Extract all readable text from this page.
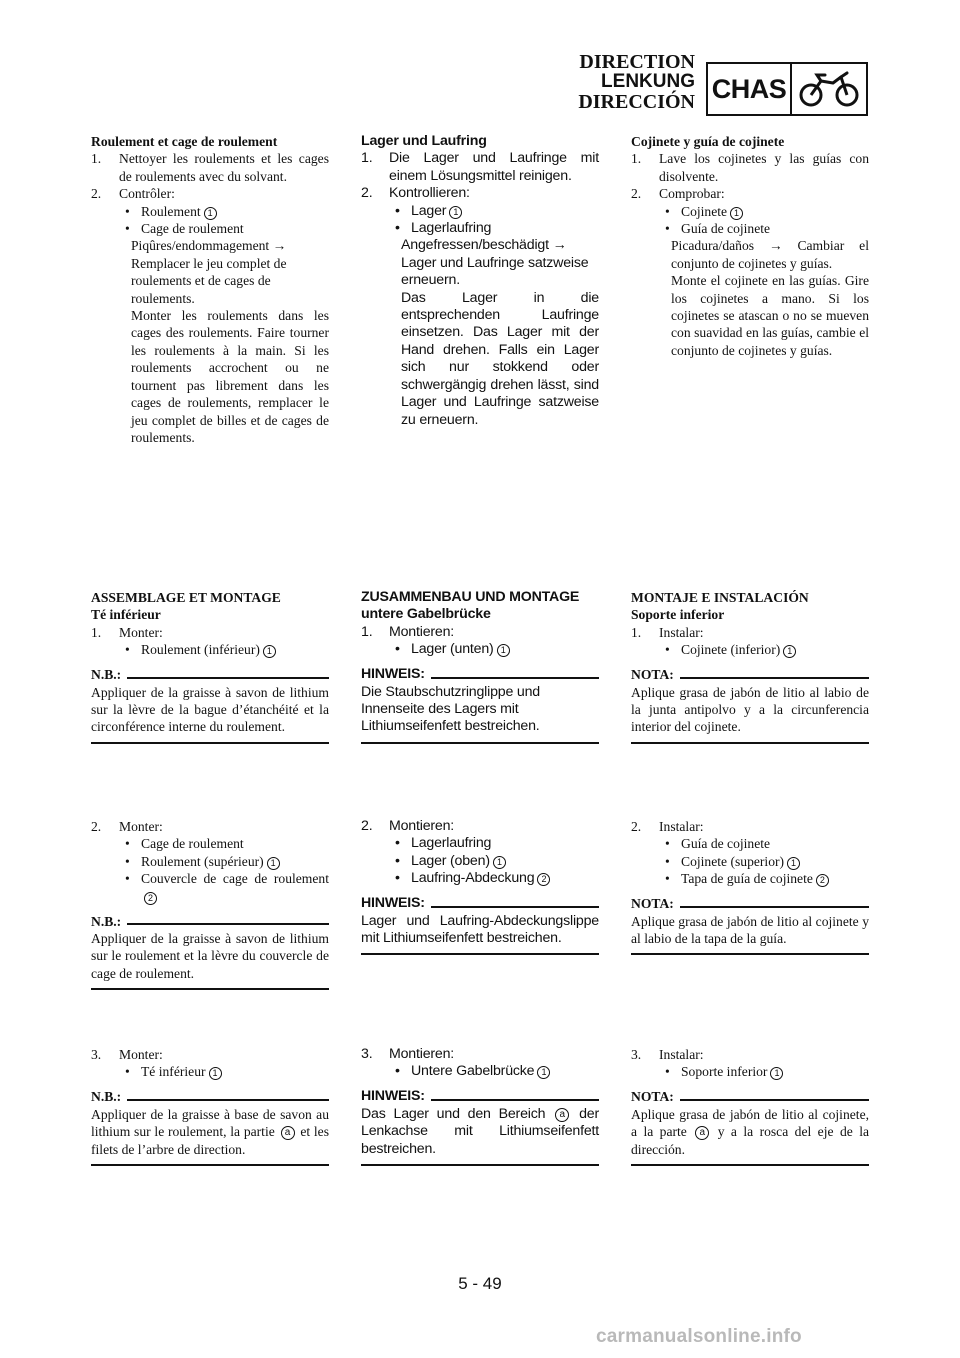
DIRECTION
LENKUNG
DIRECCIÓN CHAS
Roulement et cage de roulement
1. Nettoyer les roulements et les cages de roulements avec du solvant.
2. Contrôler:
• Roulement 1
• Cage de roulement
Piqûres/endommagement → Remplacer le jeu complet de roulements et de cages de roulements.
Monter les roulements dans les cages des roulements. Faire tourner les roulements à la main. Si les roulements accrochent ou ne tournent pas librement dans les cages de roulements, remplacer le jeu complet de billes et de cages de roulements.
Lager und Laufring
1. Die Lager und Laufringe mit einem Lösungsmittel reinigen.
2. Kontrollieren:
• Lager 1
• Lagerlaufring
Angefressen/beschädigt → Lager und Laufringe satzweise erneuern.
Das Lager in die entsprechenden Laufringe einsetzen. Das Lager mit der Hand drehen. Falls ein Lager sich nur stokkend oder schwergängig drehen lässt, sind Lager und Laufringe satzweise zu erneuern.
Cojinete y guía de cojinete
1. Lave los cojinetes y las guías con disolvente.
2. Comprobar:
• Cojinete 1
• Guía de cojinete
Picadura/daños → Cambiar el conjunto de cojinetes y guías.
Monte el cojinete en las guías. Gire los cojinetes a mano. Si los cojinetes se atascan o no se mueven con suavidad en las guías, cambie el conjunto de cojinetes y guías.
ASSEMBLAGE ET MONTAGE
Té inférieur
1. Monter:
• Roulement (inférieur) 1
N.B.:
Appliquer de la graisse à savon de lithium sur la lèvre de la bague d’étanchéité et la circonférence interne du roulement.
ZUSAMMENBAU UND MONTAGE
untere Gabelbrücke
1. Montieren:
• Lager (unten) 1
HINWEIS:
Die Staubschutzringlippe und Innenseite des Lagers mit Lithiumseifenfett bestreichen.
MONTAJE E INSTALACIÓN
Soporte inferior
1. Instalar:
• Cojinete (inferior) 1
NOTA:
Aplique grasa de jabón de litio al labio de la junta antipolvo y a la circunferencia interior del cojinete.
2. Monter:
• Cage de roulement
• Roulement (supérieur) 1
• Couvercle de cage de roulement 2
N.B.:
Appliquer de la graisse à savon de lithium sur le roulement et la lèvre du couvercle de cage de roulement.
2. Montieren:
• Lagerlaufring
• Lager (oben) 1
• Laufring-Abdeckung 2
HINWEIS:
Lager und Laufring-Abdeckungslippe mit Lithiumseifenfett bestreichen.
2. Instalar:
• Guía de cojinete
• Cojinete (superior) 1
• Tapa de guía de cojinete 2
NOTA:
Aplique grasa de jabón de litio al cojinete y al labio de la tapa de la guía.
3. Monter:
• Té inférieur 1
N.B.:
Appliquer de la graisse à base de savon au lithium sur le roulement, la partie a et les filets de l’arbre de direction.
3. Montieren:
• Untere Gabelbrücke 1
HINWEIS:
Das Lager und den Bereich a der Lenkachse mit Lithiumseifenfett bestreichen.
3. Instalar:
• Soporte inferior 1
NOTA:
Aplique grasa de jabón de litio al cojinete, a la parte a y a la rosca del eje de la dirección.
5 - 49
carmanualsonline.info
